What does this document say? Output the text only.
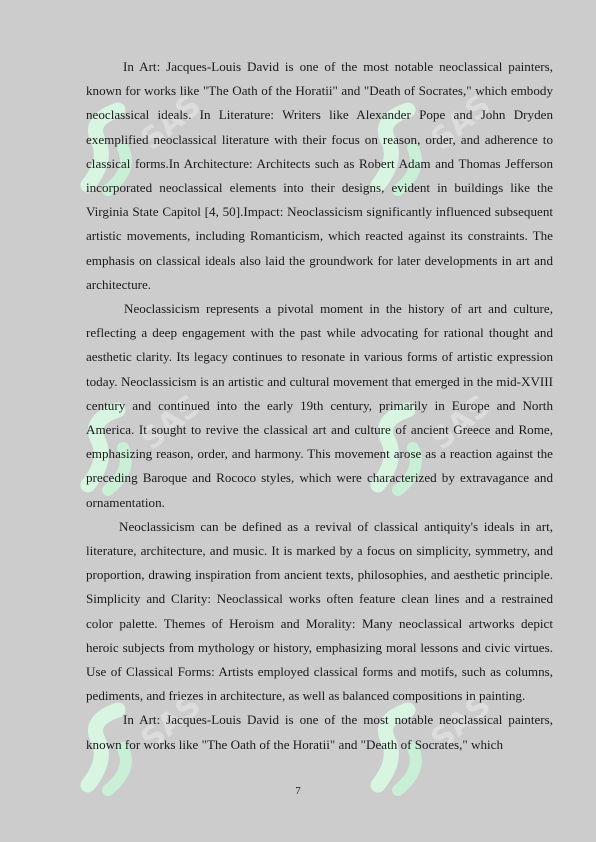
SAS	SAS
SAS	SAS
SAS	SAS

In Art: Jacques-Louis David is one of the most notable neoclassical painters, known for works like "The Oath of the Horatii" and "Death of Socrates," which embody neoclassical ideals. In Literature: Writers like Alexander Pope and John Dryden exemplified neoclassical literature with their focus on reason, order, and adherence to classical forms.In Architecture: Architects such as Robert Adam and Thomas Jefferson incorporated neoclassical elements into their designs, evident in buildings like the Virginia State Capitol [4, 50].Impact: Neoclassicism significantly influenced subsequent artistic movements, including Romanticism, which reacted against its constraints. The emphasis on classical ideals also laid the groundwork for later developments in art and architecture.

Neoclassicism represents a pivotal moment in the history of art and culture, reflecting a deep engagement with the past while advocating for rational thought and aesthetic clarity. Its legacy continues to resonate in various forms of artistic expression today. Neoclassicism is an artistic and cultural movement that emerged in the mid-XVIII century and continued into the early 19th century, primarily in Europe and North America. It sought to revive the classical art and culture of ancient Greece and Rome, emphasizing reason, order, and harmony. This movement arose as a reaction against the preceding Baroque and Rococo styles, which were characterized by extravagance and ornamentation.

Neoclassicism can be defined as a revival of classical antiquity's ideals in art, literature, architecture, and music. It is marked by a focus on simplicity, symmetry, and proportion, drawing inspiration from ancient texts, philosophies, and aesthetic principle. Simplicity and Clarity: Neoclassical works often feature clean lines and a restrained color palette. Themes of Heroism and Morality: Many neoclassical artworks depict heroic subjects from mythology or history, emphasizing moral lessons and civic virtues. Use of Classical Forms: Artists employed classical forms and motifs, such as columns, pediments, and friezes in architecture, as well as balanced compositions in painting.

In Art: Jacques-Louis David is one of the most notable neoclassical painters, known for works like "The Oath of the Horatii" and "Death of Socrates," which

7
